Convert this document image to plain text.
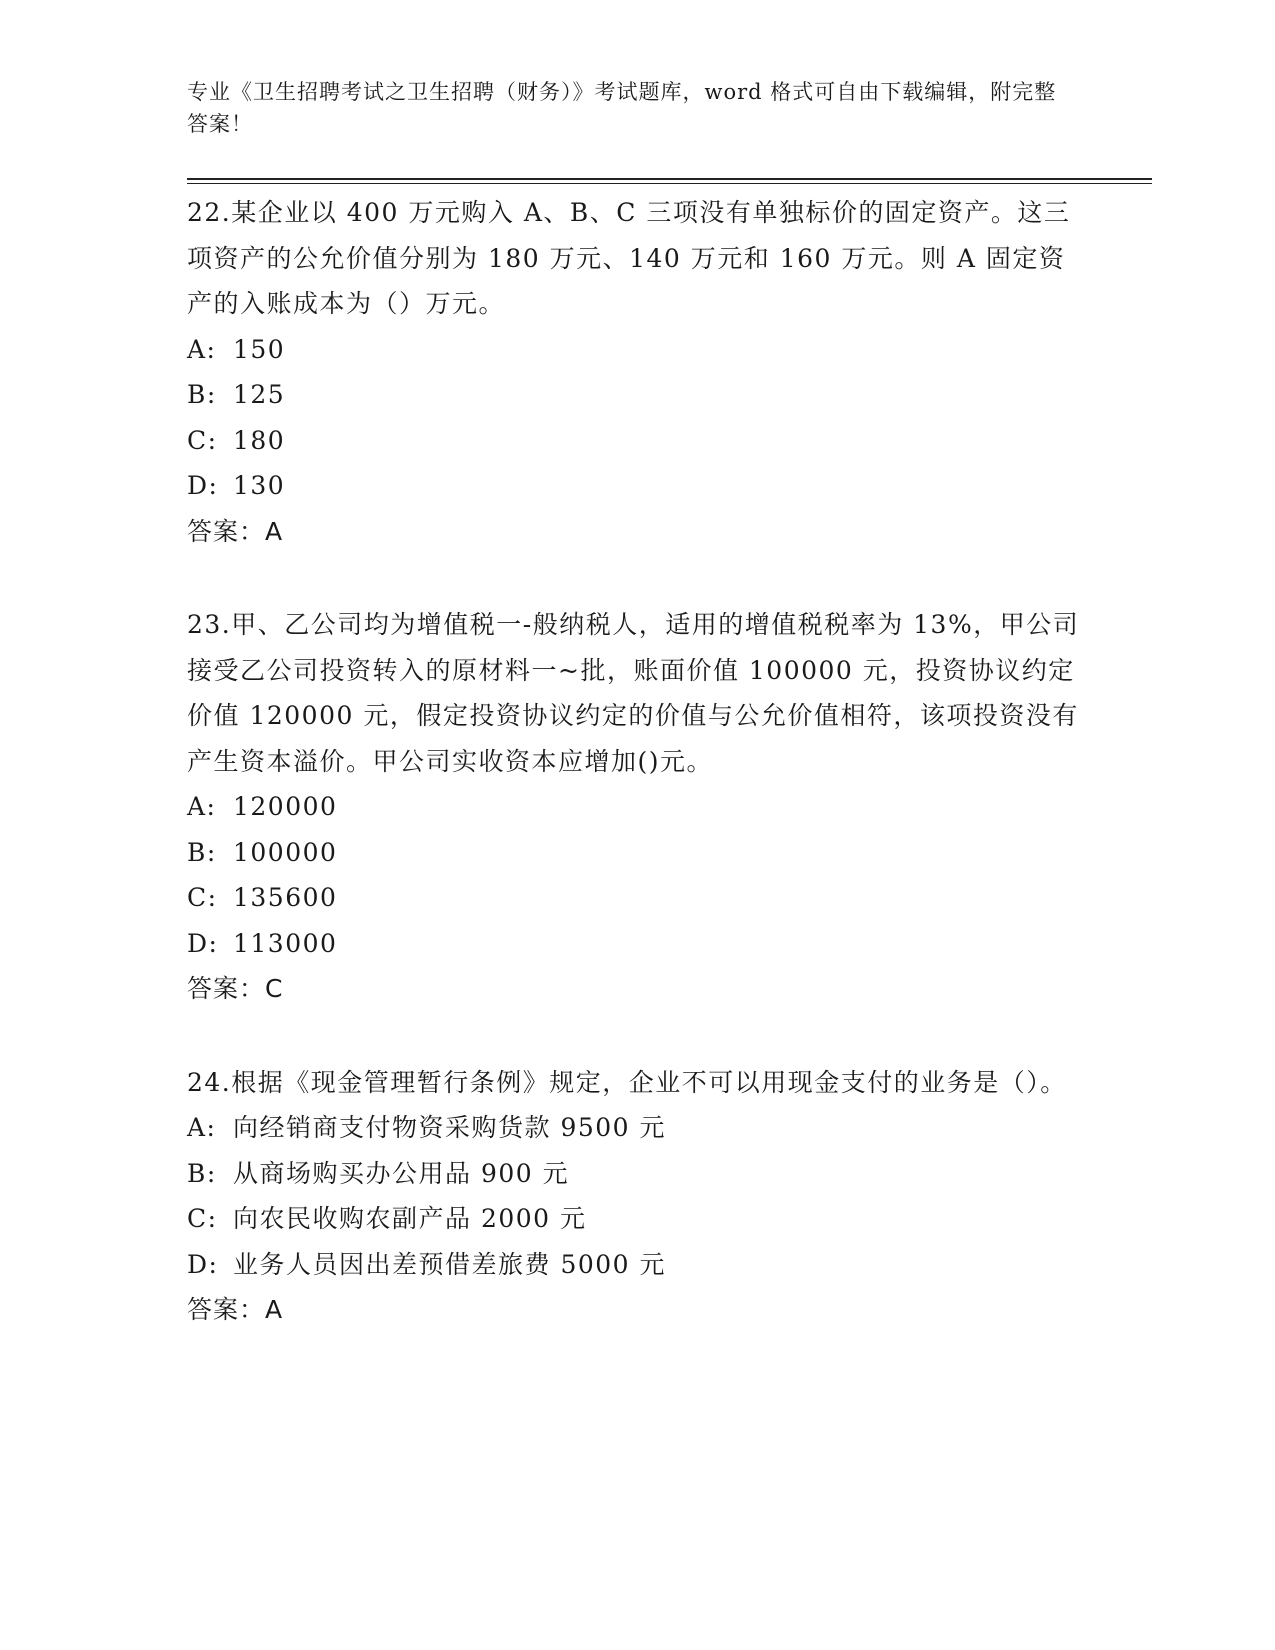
专业《卫生招聘考试之卫生招聘（财务）》考试题库，word 格式可自由下载编辑，附完整答案！

22.某企业以 400 万元购入 A、B、C 三项没有单独标价的固定资产。这三项资产的公允价值分别为 180 万元、140 万元和 160 万元。则 A 固定资产的入账成本为（）万元。

A: 150

B: 125

C: 180

D: 130

答案：A

23.甲、乙公司均为增值税一-般纳税人，适用的增值税税率为 13%，甲公司接受乙公司投资转入的原材料一~批，账面价值 100000 元，投资协议约定价值 120000 元，假定投资协议约定的价值与公允价值相符，该项投资没有产生资本溢价。甲公司实收资本应增加()元。

A: 120000

B: 100000

C: 135600

D: 113000

答案：C

24.根据《现金管理暂行条例》规定，企业不可以用现金支付的业务是（）。

A: 向经销商支付物资采购货款 9500 元

B: 从商场购买办公用品 900 元

C: 向农民收购农副产品 2000 元

D: 业务人员因出差预借差旅费 5000 元

答案：A
